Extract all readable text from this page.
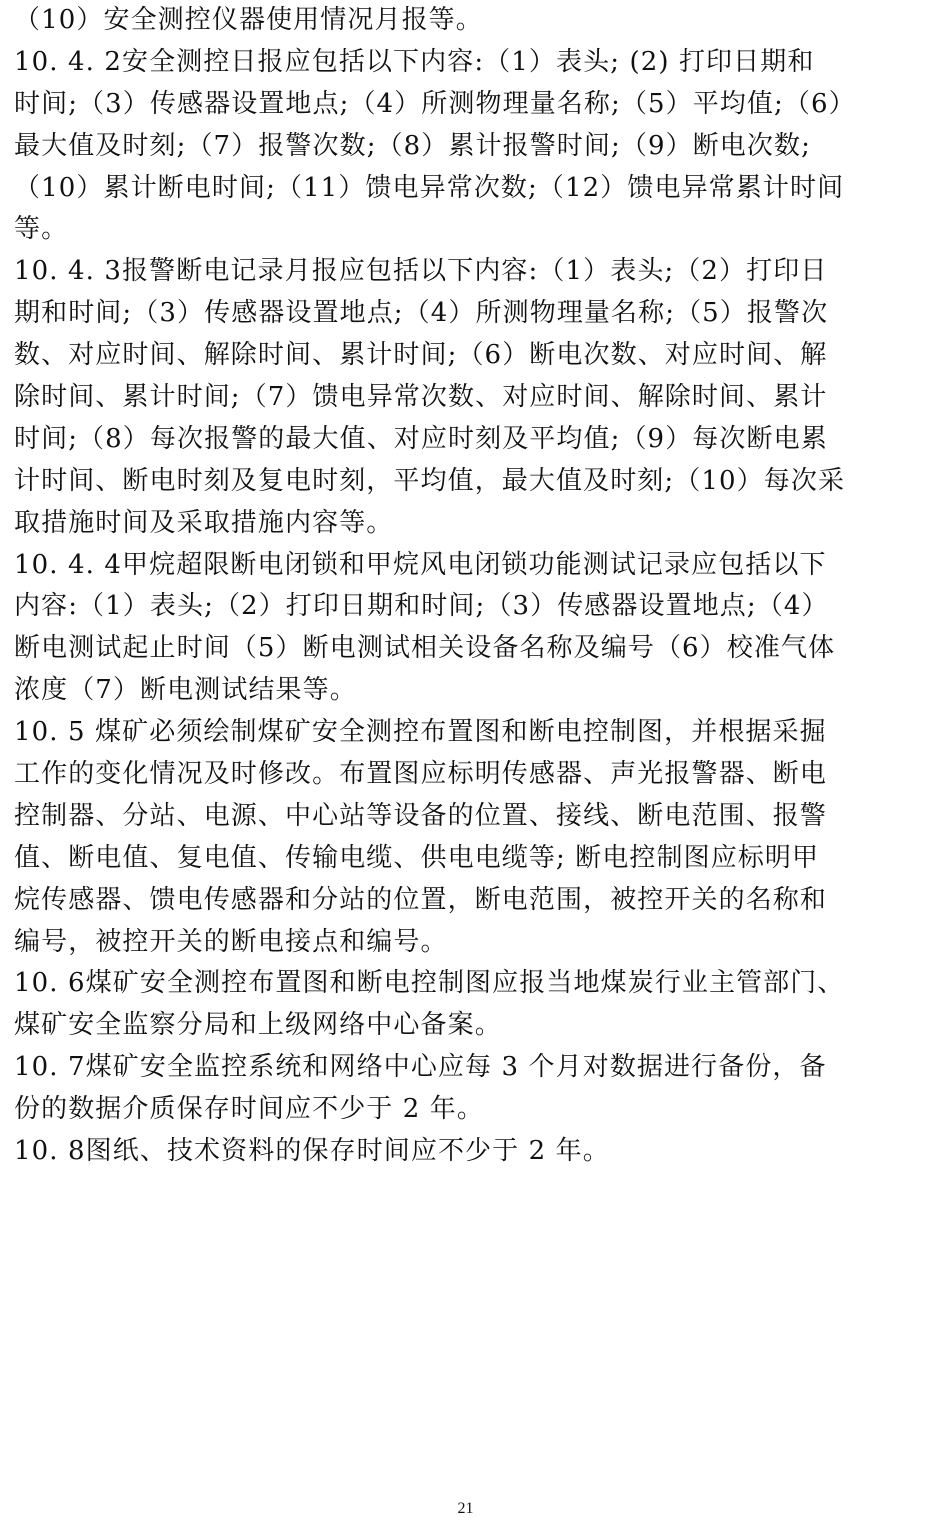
（10）安全测控仪器使用情况月报等。
10. 4. 2安全测控日报应包括以下内容:（1）表头; (2) 打印日期和
时间;（3）传感器设置地点;（4）所测物理量名称;（5）平均值;（6）
最大值及时刻;（7）报警次数;（8）累计报警时间;（9）断电次数;
（10）累计断电时间;（11）馈电异常次数;（12）馈电异常累计时间
等。
10. 4. 3报警断电记录月报应包括以下内容:（1）表头;（2）打印日
期和时间;（3）传感器设置地点;（4）所测物理量名称;（5）报警次
数、对应时间、解除时间、累计时间;（6）断电次数、对应时间、解
除时间、累计时间;（7）馈电异常次数、对应时间、解除时间、累计
时间;（8）每次报警的最大值、对应时刻及平均值;（9）每次断电累
计时间、断电时刻及复电时刻，平均值，最大值及时刻;（10）每次采
取措施时间及采取措施内容等。
10. 4. 4甲烷超限断电闭锁和甲烷风电闭锁功能测试记录应包括以下
内容:（1）表头;（2）打印日期和时间;（3）传感器设置地点;（4）
断电测试起止时间（5）断电测试相关设备名称及编号（6）校准气体
浓度（7）断电测试结果等。
10. 5 煤矿必须绘制煤矿安全测控布置图和断电控制图，并根据采掘
工作的变化情况及时修改。布置图应标明传感器、声光报警器、断电
控制器、分站、电源、中心站等设备的位置、接线、断电范围、报警
值、断电值、复电值、传输电缆、供电电缆等; 断电控制图应标明甲
烷传感器、馈电传感器和分站的位置，断电范围，被控开关的名称和
编号，被控开关的断电接点和编号。
10. 6煤矿安全测控布置图和断电控制图应报当地煤炭行业主管部门、
煤矿安全监察分局和上级网络中心备案。
10. 7煤矿安全监控系统和网络中心应每 3 个月对数据进行备份，备
份的数据介质保存时间应不少于 2 年。
10. 8图纸、技术资料的保存时间应不少于 2 年。
21
